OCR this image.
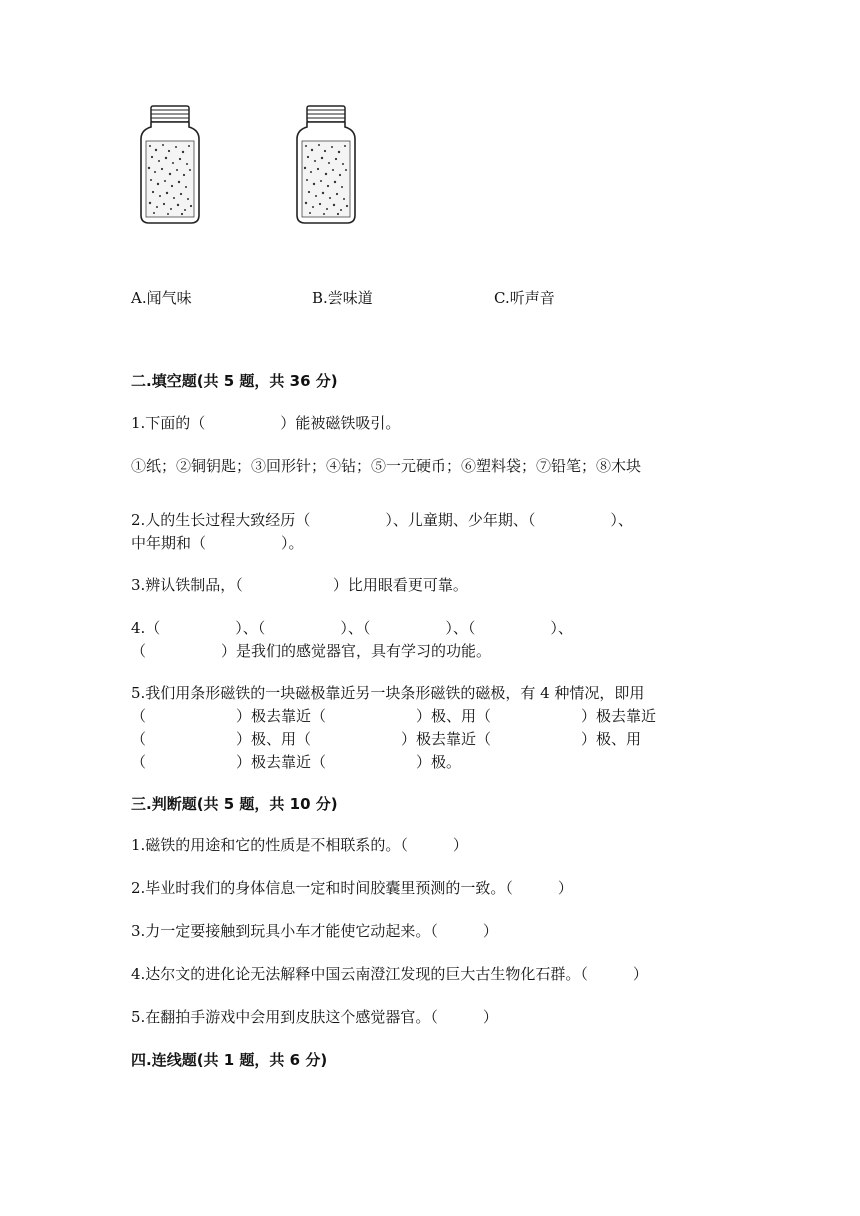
A.闻气味	B.尝味道	C.听声音
二.填空题(共 5 题，共 36 分)
1.下面的（　　　　　）能被磁铁吸引。
①纸；②铜钥匙；③回形针；④钻；⑤一元硬币；⑥塑料袋；⑦铅笔；⑧木块
2.人的生长过程大致经历（　　　　　）、儿童期、少年期、（　　　　　）、
中年期和（　　　　　）。
3.辨认铁制品，（　　　　　　）比用眼看更可靠。
4.（　　　　　）、（　　　　　）、（　　　　　）、（　　　　　）、
（　　　　　）是我们的感觉器官，具有学习的功能。
5.我们用条形磁铁的一块磁极靠近另一块条形磁铁的磁极，有 4 种情况，即用
（　　　　　　）极去靠近（　　　　　　）极、用（　　　　　　）极去靠近
（　　　　　　）极、用（　　　　　　）极去靠近（　　　　　　）极、用
（　　　　　　）极去靠近（　　　　　　）极。
三.判断题(共 5 题，共 10 分)
1.磁铁的用途和它的性质是不相联系的。（　　　）
2.毕业时我们的身体信息一定和时间胶囊里预测的一致。（　　　）
3.力一定要接触到玩具小车才能使它动起来。（　　　）
4.达尔文的进化论无法解释中国云南澄江发现的巨大古生物化石群。（　　　）
5.在翻拍手游戏中会用到皮肤这个感觉器官。（　　　）
四.连线题(共 1 题，共 6 分)
